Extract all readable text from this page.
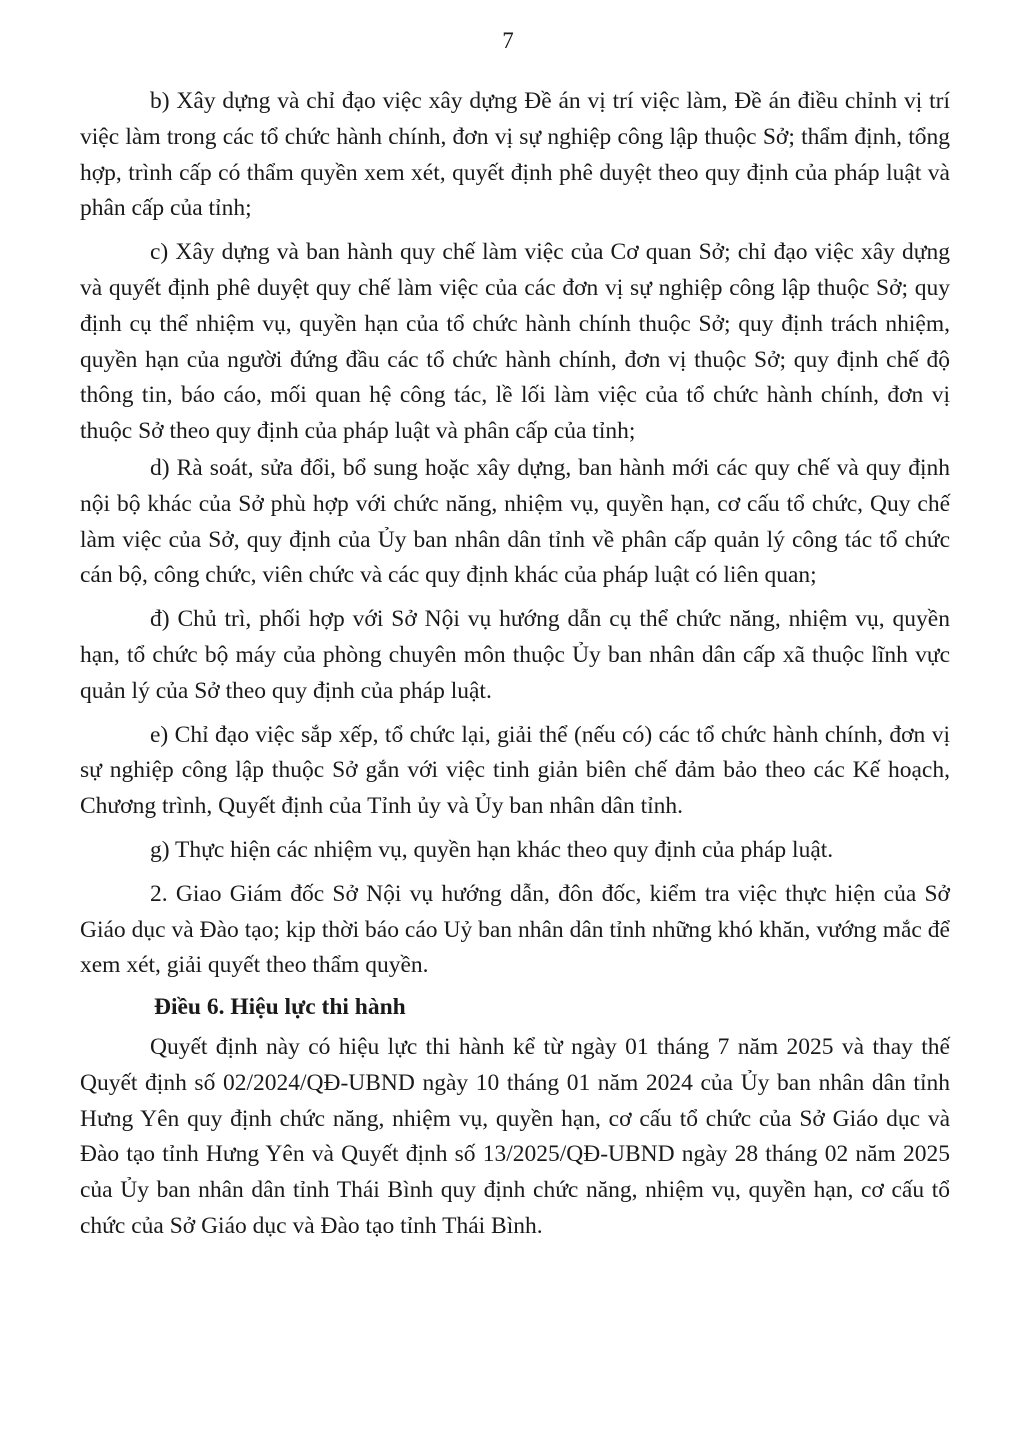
7

b) Xây dựng và chỉ đạo việc xây dựng Đề án vị trí việc làm, Đề án điều chỉnh vị trí việc làm trong các tổ chức hành chính, đơn vị sự nghiệp công lập thuộc Sở; thẩm định, tổng hợp, trình cấp có thẩm quyền xem xét, quyết định phê duyệt theo quy định của pháp luật và phân cấp của tỉnh;

c) Xây dựng và ban hành quy chế làm việc của Cơ quan Sở; chỉ đạo việc xây dựng và quyết định phê duyệt quy chế làm việc của các đơn vị sự nghiệp công lập thuộc Sở; quy định cụ thể nhiệm vụ, quyền hạn của tổ chức hành chính thuộc Sở; quy định trách nhiệm, quyền hạn của người đứng đầu các tổ chức hành chính, đơn vị thuộc Sở; quy định chế độ thông tin, báo cáo, mối quan hệ công tác, lề lối làm việc của tổ chức hành chính, đơn vị thuộc Sở theo quy định của pháp luật và phân cấp của tỉnh;

d) Rà soát, sửa đổi, bổ sung hoặc xây dựng, ban hành mới các quy chế và quy định nội bộ khác của Sở phù hợp với chức năng, nhiệm vụ, quyền hạn, cơ cấu tổ chức, Quy chế làm việc của Sở, quy định của Ủy ban nhân dân tỉnh về phân cấp quản lý công tác tổ chức cán bộ, công chức, viên chức và các quy định khác của pháp luật có liên quan;

đ) Chủ trì, phối hợp với Sở Nội vụ hướng dẫn cụ thể chức năng, nhiệm vụ, quyền hạn, tổ chức bộ máy của phòng chuyên môn thuộc Ủy ban nhân dân cấp xã thuộc lĩnh vực quản lý của Sở theo quy định của pháp luật.

e) Chỉ đạo việc sắp xếp, tổ chức lại, giải thể (nếu có) các tổ chức hành chính, đơn vị sự nghiệp công lập thuộc Sở gắn với việc tinh giản biên chế đảm bảo theo các Kế hoạch, Chương trình, Quyết định của Tỉnh ủy và Ủy ban nhân dân tỉnh.

g) Thực hiện các nhiệm vụ, quyền hạn khác theo quy định của pháp luật.

2. Giao Giám đốc Sở Nội vụ hướng dẫn, đôn đốc, kiểm tra việc thực hiện của Sở Giáo dục và Đào tạo; kịp thời báo cáo Uỷ ban nhân dân tỉnh những khó khăn, vướng mắc để xem xét, giải quyết theo thẩm quyền.

Điều 6. Hiệu lực thi hành

Quyết định này có hiệu lực thi hành kể từ ngày 01 tháng 7 năm 2025 và thay thế Quyết định số 02/2024/QĐ-UBND ngày 10 tháng 01 năm 2024 của Ủy ban nhân dân tỉnh Hưng Yên quy định chức năng, nhiệm vụ, quyền hạn, cơ cấu tổ chức của Sở Giáo dục và Đào tạo tỉnh Hưng Yên và Quyết định số 13/2025/QĐ-UBND ngày 28 tháng 02 năm 2025 của Ủy ban nhân dân tỉnh Thái Bình quy định chức năng, nhiệm vụ, quyền hạn, cơ cấu tổ chức của Sở Giáo dục và Đào tạo tỉnh Thái Bình.
